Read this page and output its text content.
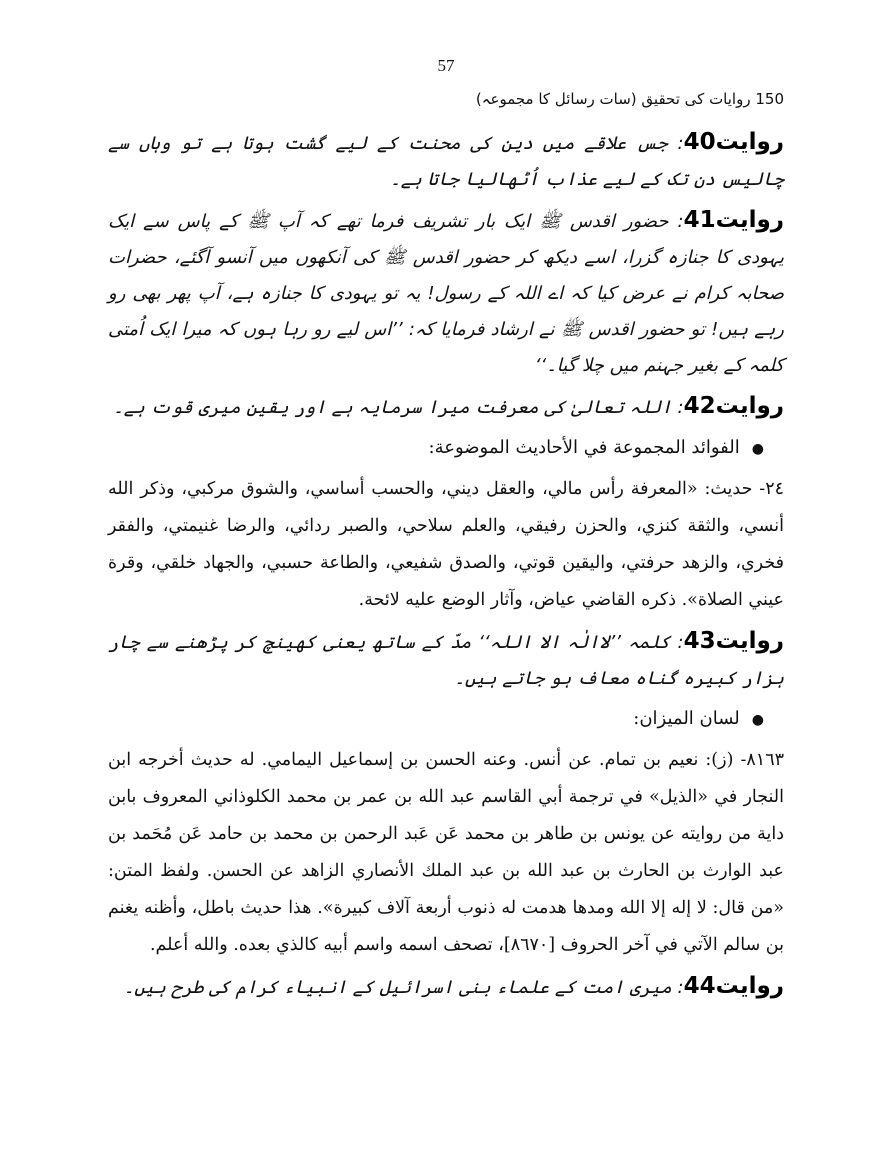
57
150 روایات کی تحقیق (سات رسائل کا مجموعہ)

روایت40: جس علاقے میں دین کی محنت کے لیے گشت ہوتا ہے تو وہاں سے چالیس دن تک کے لیے عذاب اُٹھالیا جاتا ہے۔

روایت41: حضور اقدس ﷺ ایک بار تشریف فرما تھے کہ آپ ﷺ کے پاس سے ایک یہودی کا جنازہ گزرا، اسے دیکھ کر حضور اقدس ﷺ کی آنکھوں میں آنسو آگئے، حضرات صحابہ کرام نے عرض کیا کہ اے اللہ کے رسول! یہ تو یہودی کا جنازہ ہے، آپ پھر بھی رو رہے ہیں! تو حضور اقدس ﷺ نے ارشاد فرمایا کہ: ’’اس لیے رو رہا ہوں کہ میرا ایک اُمتی کلمہ کے بغیر جہنم میں چلا گیا۔‘‘

روایت42: اللہ تعالیٰ کی معرفت میرا سرمایہ ہے اور یقین میری قوت ہے۔

●الفوائد المجموعة في الأحاديث الموضوعة:

٢٤- حديث: «المعرفة رأس مالي، والعقل ديني، والحسب أساسي، والشوق مركبي، وذكر الله أنسي، والثقة كنزي، والحزن رفيقي، والعلم سلاحي، والصبر ردائي، والرضا غنيمتي، والفقر فخري، والزهد حرفتي، واليقين قوتي، والصدق شفيعي، والطاعة حسبي، والجهاد خلقي، وقرة عيني الصلاة». ذكره القاضي عياض، وآثار الوضع عليه لائحة.

روایت43: کلمہ ’’لاالٰہ الا اللہ‘‘ مدّ کے ساتھ یعنی کھینچ کر پڑھنے سے چار ہزار کبیرہ گناہ معاف ہو جاتے ہیں۔

●لسان الميزان:

٨١٦٣- (ز): نعيم بن تمام. عن أنس. وعنه الحسن بن إسماعيل اليمامي. له حديث أخرجه ابن النجار في «الذيل» في ترجمة أبي القاسم عبد الله بن عمر بن محمد الكلوذاني المعروف بابن داية من روايته عن يونس بن طاهر بن محمد عَن عَبد الرحمن بن محمد بن حامد عَن مُحَمد بن عبد الوارث بن الحارث بن عبد الله بن عبد الملك الأنصاري الزاهد عن الحسن. ولفظ المتن: «من قال: لا إله إلا الله ومدها هدمت له ذنوب أربعة آلاف كبيرة». هذا حديث باطل، وأظنه يغنم بن سالم الآتي في آخر الحروف [٨٦٧٠]، تصحف اسمه واسم أبيه كالذي بعده. والله أعلم.

روایت44: میری امت کے علماء بنی اسرائیل کے انبیاء کرام کی طرح ہیں۔
